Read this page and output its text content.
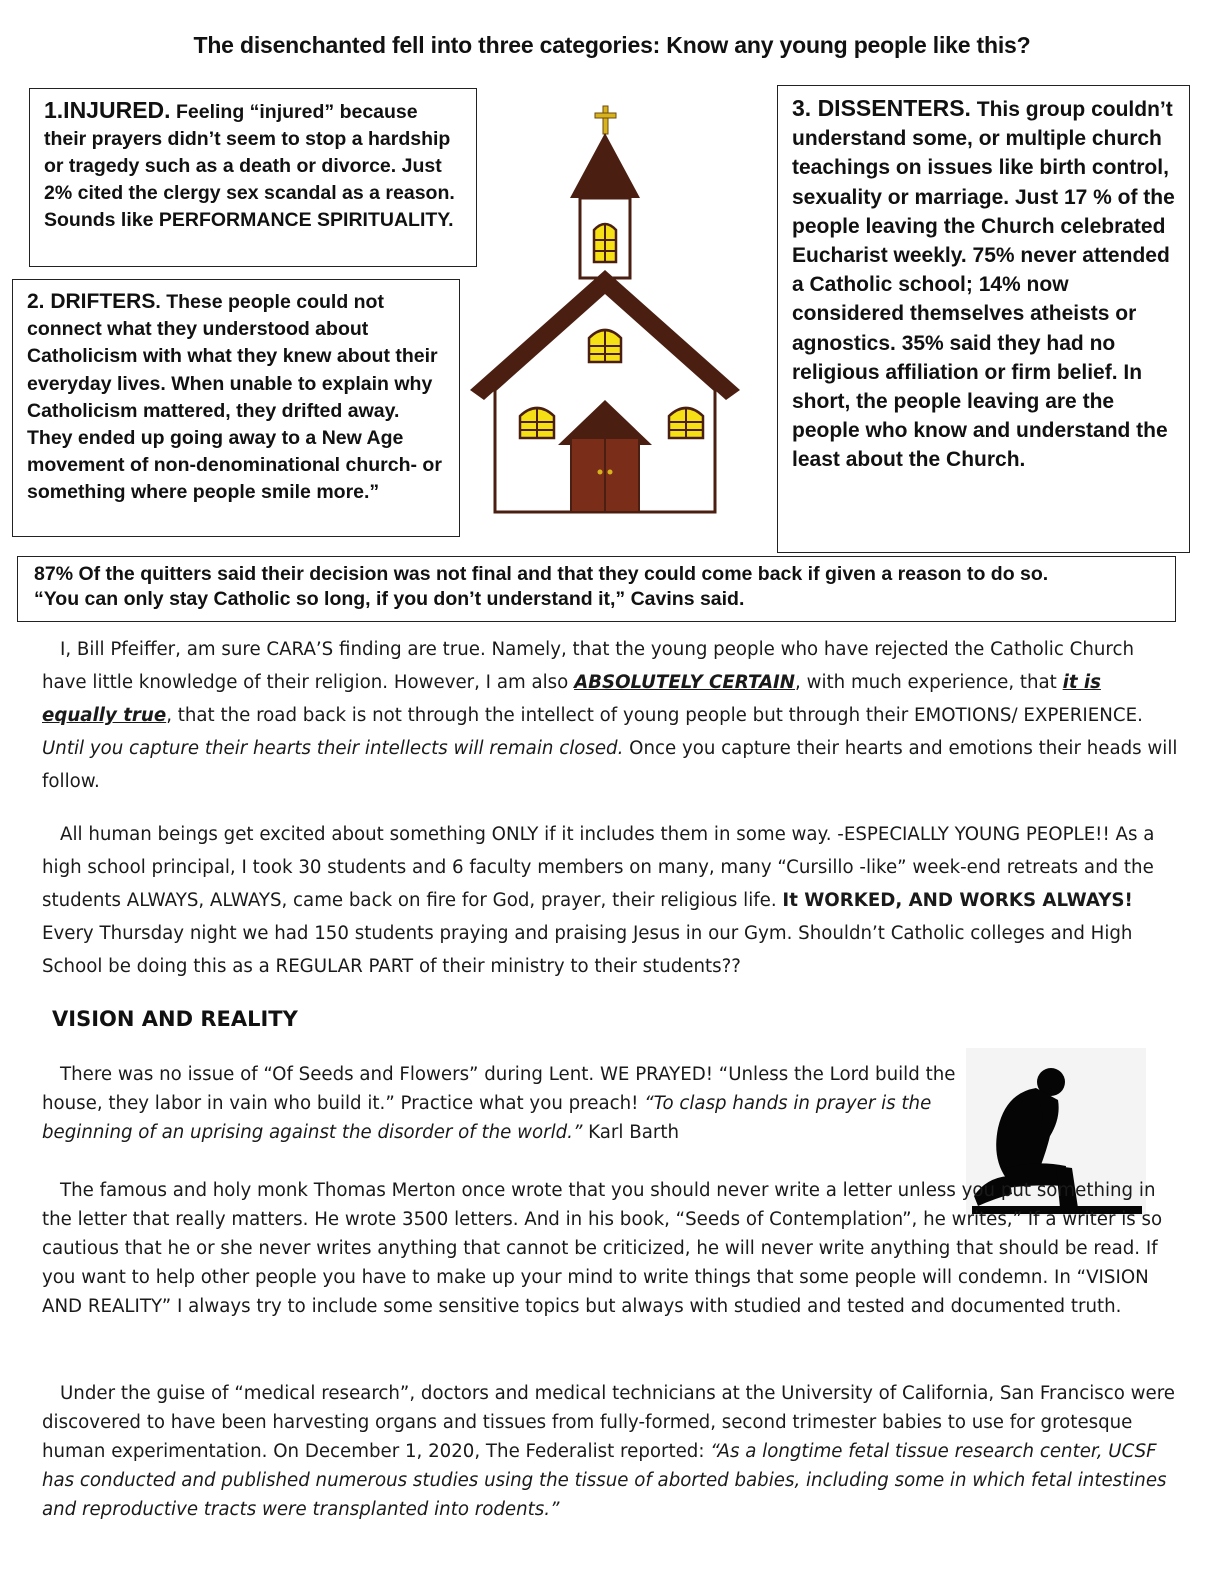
The disenchanted fell into three categories: Know any young people like this?
1.INJURED. Feeling “injured” because their prayers didn’t seem to stop a hardship or tragedy such as a death or divorce. Just 2% cited the clergy sex scandal as a reason. Sounds like PERFORMANCE SPIRITUALITY.
2. DRIFTERS. These people could not connect what they understood about Catholicism with what they knew about their everyday lives. When unable to explain why Catholicism mattered, they drifted away. They ended up going away to a New Age movement of non-denominational church- or something where people smile more.”
3. DISSENTERS. This group couldn’t understand some, or multiple church teachings on issues like birth control, sexuality or marriage. Just 17 % of the people leaving the Church celebrated Eucharist weekly. 75% never attended a Catholic school; 14% now considered themselves atheists or agnostics. 35% said they had no religious affiliation or firm belief. In short, the people leaving are the people who know and understand the least about the Church.
87% Of the quitters said their decision was not final and that they could come back if given a reason to do so.
“You can only stay Catholic so long, if you don’t understand it,” Cavins said.
I, Bill Pfeiffer, am sure CARA’S finding are true. Namely, that the young people who have rejected the Catholic Church have little knowledge of their religion. However, I am also ABSOLUTELY CERTAIN, with much experience, that it is equally true, that the road back is not through the intellect of young people but through their EMOTIONS/ EXPERIENCE. Until you capture their hearts their intellects will remain closed. Once you capture their hearts and emotions their heads will follow.
All human beings get excited about something ONLY if it includes them in some way. -ESPECIALLY YOUNG PEOPLE!! As a high school principal, I took 30 students and 6 faculty members on many, many “Cursillo -like” week-end retreats and the students ALWAYS, ALWAYS, came back on fire for God, prayer, their religious life. It WORKED, AND WORKS ALWAYS! Every Thursday night we had 150 students praying and praising Jesus in our Gym. Shouldn’t Catholic colleges and High School be doing this as a REGULAR PART of their ministry to their students??
VISION AND REALITY
There was no issue of “Of Seeds and Flowers” during Lent. WE PRAYED! “Unless the Lord build the house, they labor in vain who build it.” Practice what you preach! “To clasp hands in prayer is the beginning of an uprising against the disorder of the world.” Karl Barth
The famous and holy monk Thomas Merton once wrote that you should never write a letter unless you put something in the letter that really matters. He wrote 3500 letters. And in his book, “Seeds of Contemplation”, he writes,” If a writer is so cautious that he or she never writes anything that cannot be criticized, he will never write anything that should be read. If you want to help other people you have to make up your mind to write things that some people will condemn. In “VISION AND REALITY” I always try to include some sensitive topics but always with studied and tested and documented truth.
Under the guise of “medical research”, doctors and medical technicians at the University of California, San Francisco were discovered to have been harvesting organs and tissues from fully-formed, second trimester babies to use for grotesque human experimentation. On December 1, 2020, The Federalist reported: “As a longtime fetal tissue research center, UCSF has conducted and published numerous studies using the tissue of aborted babies, including some in which fetal intestines and reproductive tracts were transplanted into rodents.”
